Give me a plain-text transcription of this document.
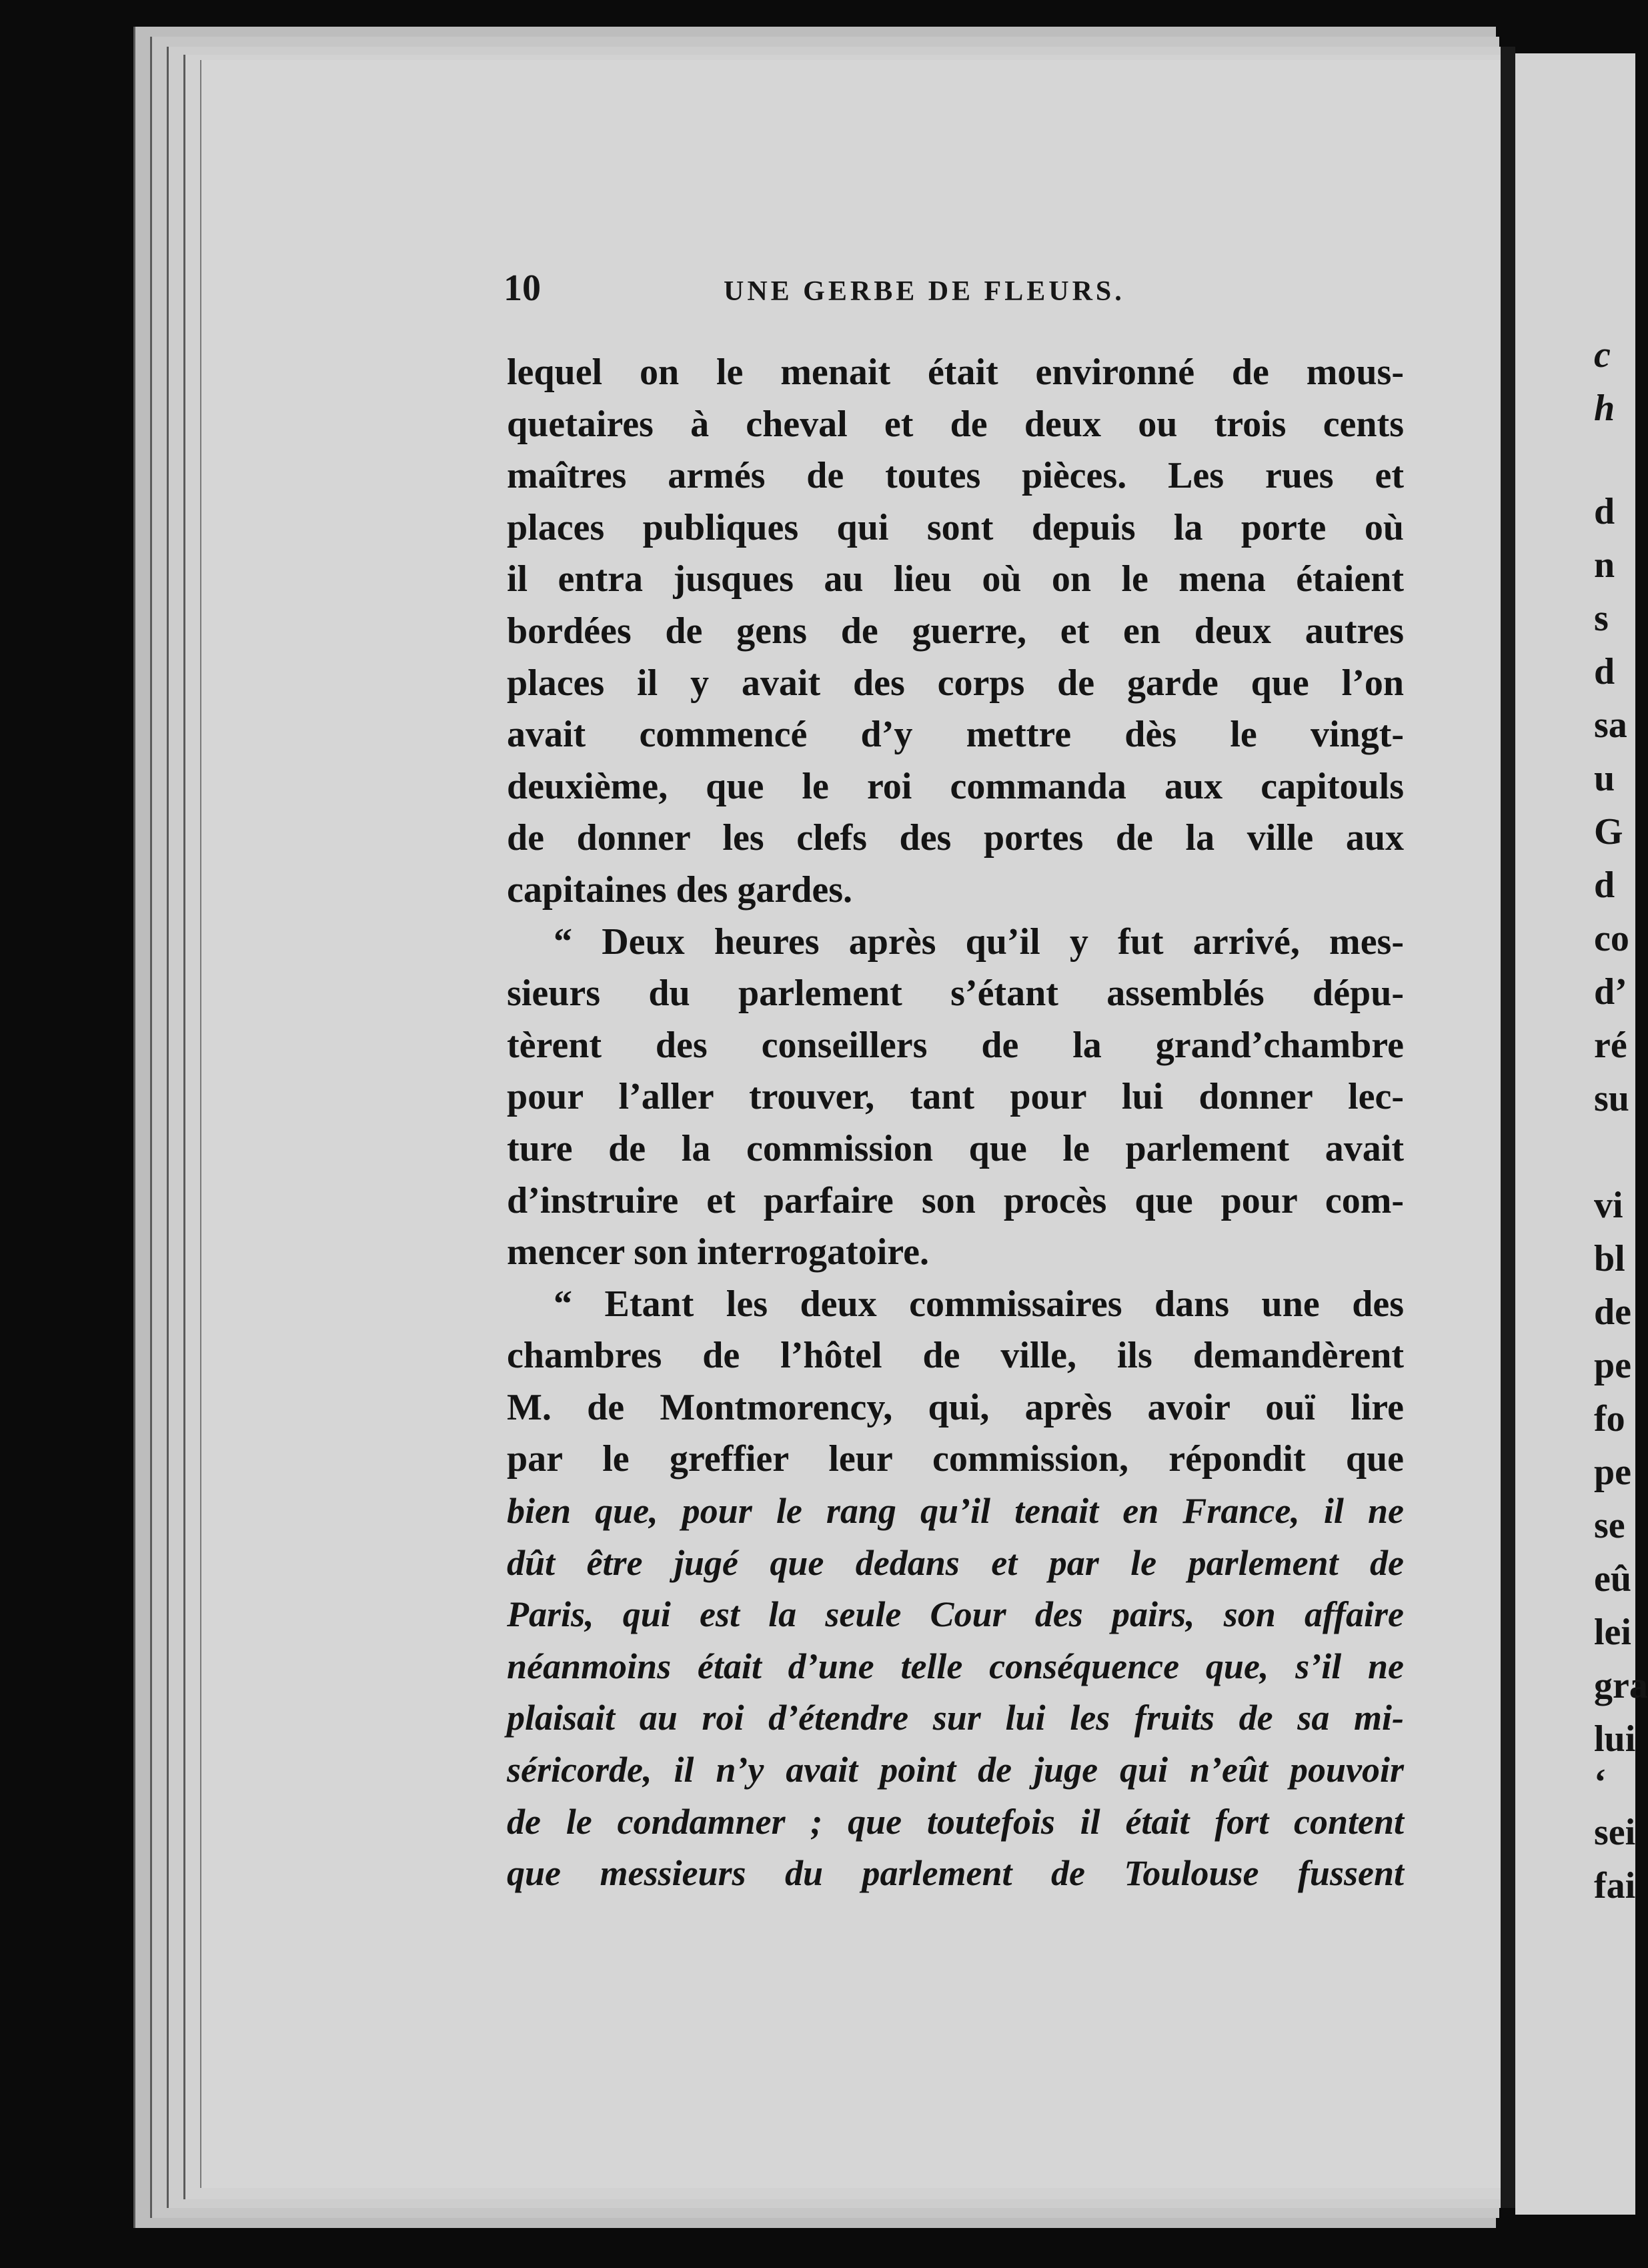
10	UNE GERBE DE FLEURS.
lequel on le menait était environné de mous-
quetaires à cheval et de deux ou trois cents
maîtres armés de toutes pièces. Les rues et
places publiques qui sont depuis la porte où
il entra jusques au lieu où on le mena étaient
bordées de gens de guerre, et en deux autres
places il y avait des corps de garde que l’on
avait commencé d’y mettre dès le vingt-
deuxième, que le roi commanda aux capitouls
de donner les clefs des portes de la ville aux
capitaines des gardes.
“ Deux heures après qu’il y fut arrivé, mes-
sieurs du parlement s’étant assemblés dépu-
tèrent des conseillers de la grand’chambre
pour l’aller trouver, tant pour lui donner lec-
ture de la commission que le parlement avait
d’instruire et parfaire son procès que pour com-
mencer son interrogatoire.
“ Etant les deux commissaires dans une des
chambres de l’hôtel de ville, ils demandèrent
M. de Montmorency, qui, après avoir ouï lire
par le greffier leur commission, répondit que
bien que, pour le rang qu’il tenait en France, il ne
dût être jugé que dedans et par le parlement de
Paris, qui est la seule Cour des pairs, son affaire
néanmoins était d’une telle conséquence que, s’il ne
plaisait au roi d’étendre sur lui les fruits de sa mi-
séricorde, il n’y avait point de juge qui n’eût pouvoir
de le condamner ; que toutefois il était fort content
que messieurs du parlement de Toulouse fussent
c
h
d
n
s
d
sa
u
G
d
co
d’
ré
su
vi
bl
de
pe
fo
pe
se
eû
lei
gra
lui
‘
sei
fai
